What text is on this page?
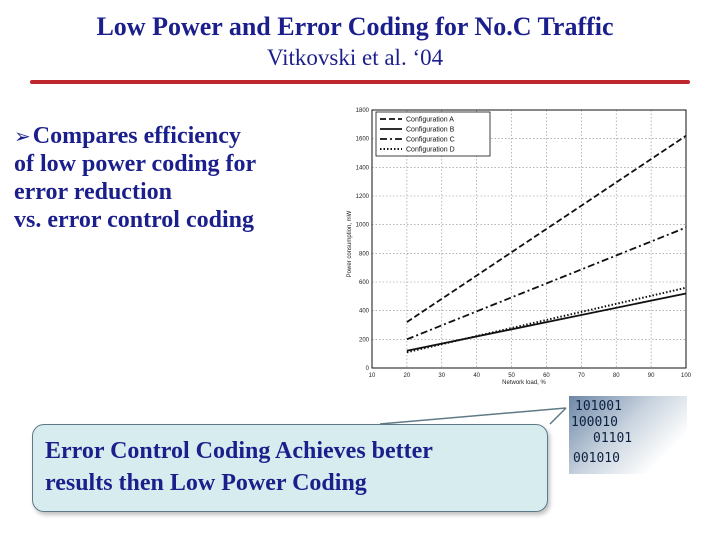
Low Power and Error Coding for No.C Traffic
Vitkovski et al. ‘04
➢Compares efficiency
of low power coding for
error reduction
vs. error control coding
10	20	30	40	50	60	70	80	90	100
0
200
400
600
800
1000
1200
1400
1600
1800
Configuration A
Configuration B
Configuration C
Configuration D
Network load, %
Power consumption, mW
Error Control Coding Achieves better
results then Low Power Coding
101001
100010
01101
001010
